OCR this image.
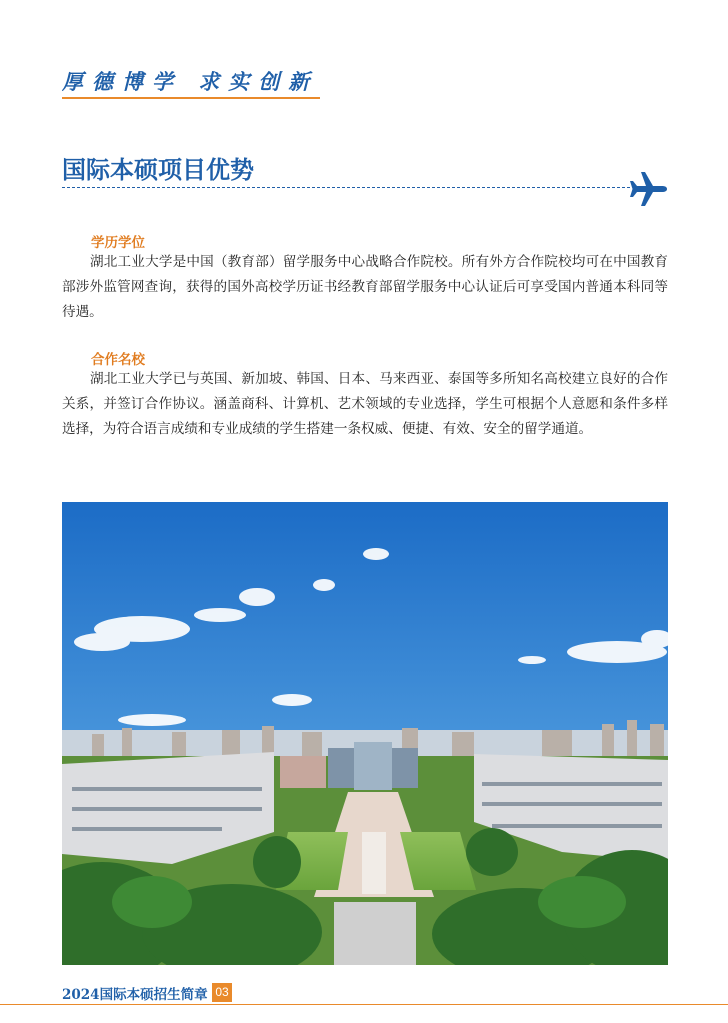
厚德博学 求实创新
国际本硕项目优势
学历学位

湖北工业大学是中国（教育部）留学服务中心战略合作院校。所有外方合作院校均可在中国教育部涉外监管网查询，获得的国外高校学历证书经教育部留学服务中心认证后可享受国内普通本科同等待遇。

合作名校

湖北工业大学已与英国、新加坡、韩国、日本、马来西亚、泰国等多所知名高校建立良好的合作关系，并签订合作协议。涵盖商科、计算机、艺术领域的专业选择，学生可根据个人意愿和条件多样选择，为符合语言成绩和专业成绩的学生搭建一条权威、便捷、有效、安全的留学通道。

2024国际本硕招生简章 03
